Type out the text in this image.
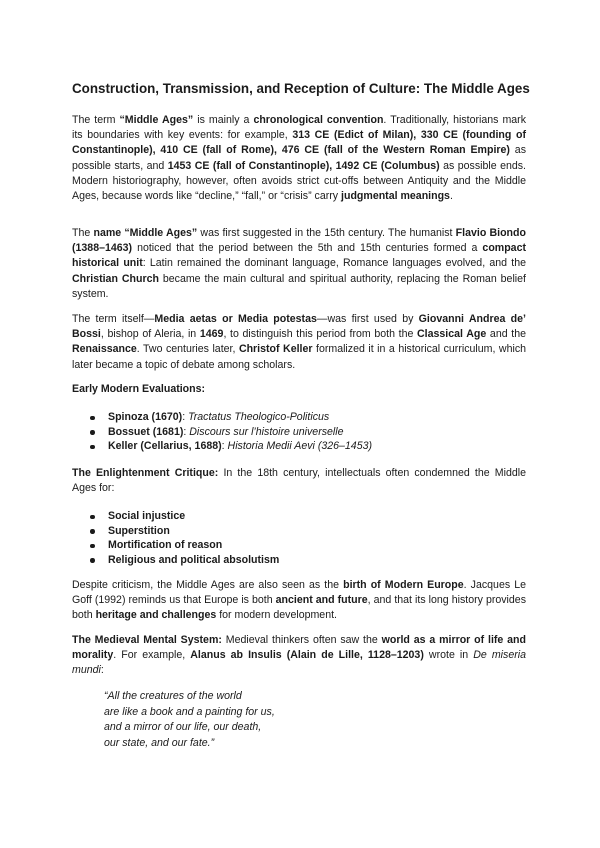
Construction, Transmission, and Reception of Culture: The Middle Ages

The term “Middle Ages” is mainly a chronological convention. Traditionally, historians mark its boundaries with key events: for example, 313 CE (Edict of Milan), 330 CE (founding of Constantinople), 410 CE (fall of Rome), 476 CE (fall of the Western Roman Empire) as possible starts, and 1453 CE (fall of Constantinople), 1492 CE (Columbus) as possible ends. Modern historiography, however, often avoids strict cut-offs between Antiquity and the Middle Ages, because words like “decline,” “fall,” or “crisis” carry judgmental meanings.

The name “Middle Ages” was first suggested in the 15th century. The humanist Flavio Biondo (1388–1463) noticed that the period between the 5th and 15th centuries formed a compact historical unit: Latin remained the dominant language, Romance languages evolved, and the Christian Church became the main cultural and spiritual authority, replacing the Roman belief system.

The term itself—Media aetas or Media potestas—was first used by Giovanni Andrea de’ Bossi, bishop of Aleria, in 1469, to distinguish this period from both the Classical Age and the Renaissance. Two centuries later, Christof Keller formalized it in a historical curriculum, which later became a topic of debate among scholars.

Early Modern Evaluations:

Spinoza (1670): Tractatus Theologico-Politicus
Bossuet (1681): Discours sur l’histoire universelle
Keller (Cellarius, 1688): Historia Medii Aevi (326–1453)

The Enlightenment Critique: In the 18th century, intellectuals often condemned the Middle Ages for:

Social injustice
Superstition
Mortification of reason
Religious and political absolutism

Despite criticism, the Middle Ages are also seen as the birth of Modern Europe. Jacques Le Goff (1992) reminds us that Europe is both ancient and future, and that its long history provides both heritage and challenges for modern development.

The Medieval Mental System: Medieval thinkers often saw the world as a mirror of life and morality. For example, Alanus ab Insulis (Alain de Lille, 1128–1203) wrote in De miseria mundi:

“All the creatures of the world
are like a book and a painting for us,
and a mirror of our life, our death,
our state, and our fate.”
